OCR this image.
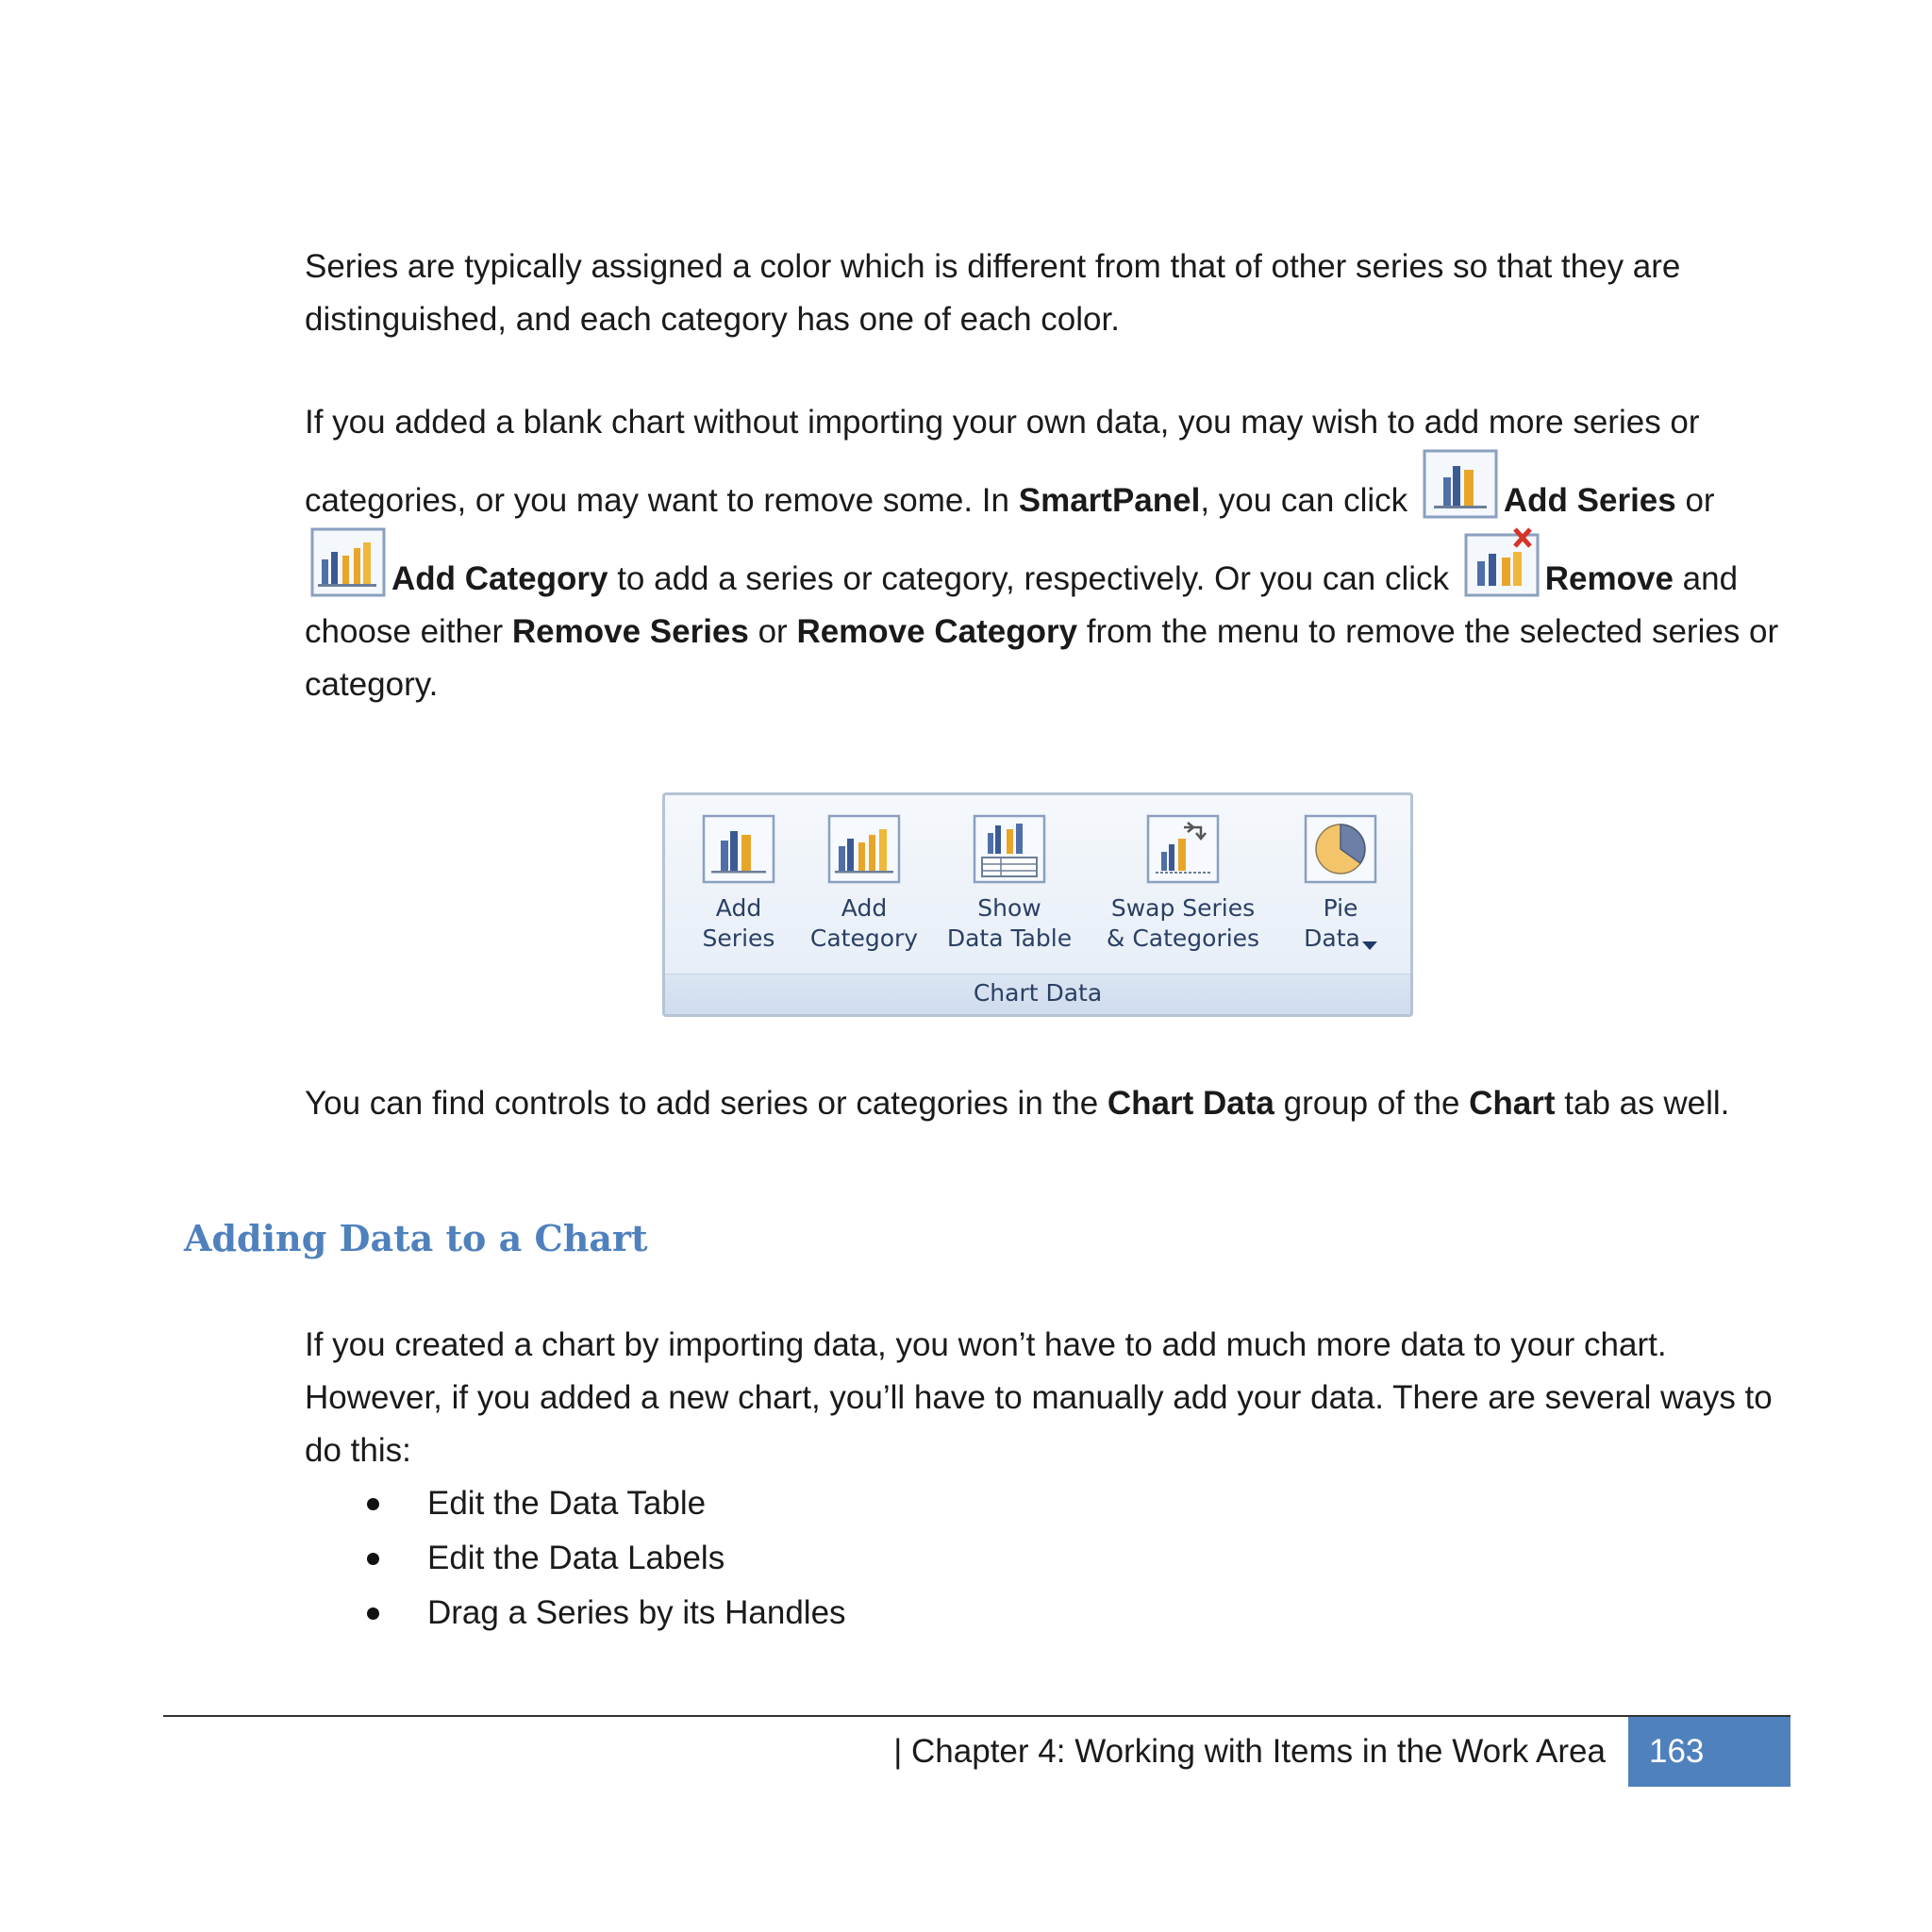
Series are typically assigned a color which is different from that of other series so that they are distinguished, and each category has one of each color.

If you added a blank chart without importing your own data, you may wish to add more series or categories, or you may want to remove some. In SmartPanel, you can click	Add Series or
Add Category to add a series or category, respectively. Or you can click	Remove and choose either Remove Series or Remove Category from the menu to remove the selected series or category.

Add
Series
Add
Category
Show
Data Table
Swap Series
& Categories
Pie
Data
Chart Data

You can find controls to add series or categories in the Chart Data group of the Chart tab as well.

Adding Data to a Chart

If you created a chart by importing data, you won’t have to add much more data to your chart. However, if you added a new chart, you’ll have to manually add your data. There are several ways to do this:

Edit the Data Table
Edit the Data Labels
Drag a Series by its Handles
| Chapter 4: Working with Items in the Work Area	163
